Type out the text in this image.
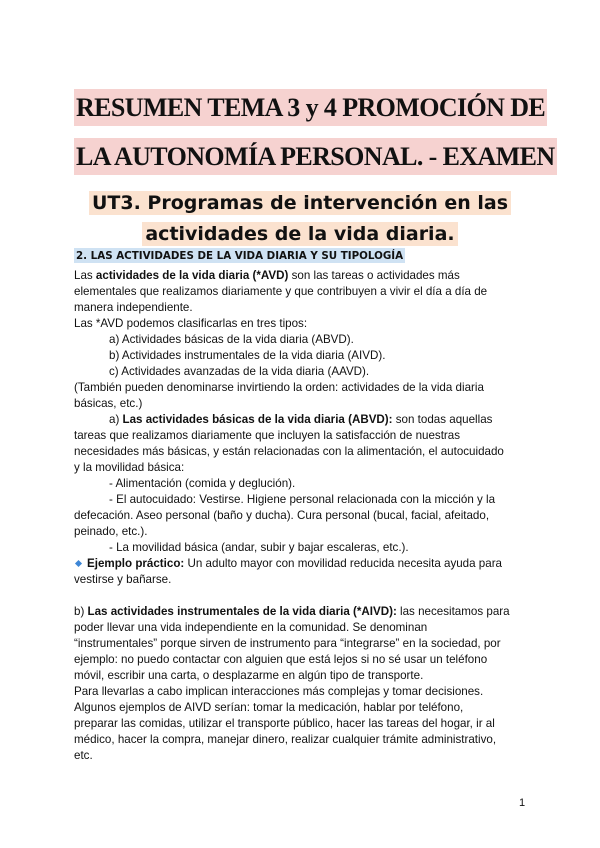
RESUMEN TEMA 3 y 4 PROMOCIÓN DE
LA AUTONOMÍA PERSONAL. - EXAMEN
UT3. Programas de intervención en las
actividades de la vida diaria.
2. LAS ACTIVIDADES DE LA VIDA DIARIA Y SU TIPOLOGÍA
Las actividades de la vida diaria (*AVD) son las tareas o actividades más
elementales que realizamos diariamente y que contribuyen a vivir el día a día de
manera independiente.
Las *AVD podemos clasificarlas en tres tipos:
a) Actividades básicas de la vida diaria (ABVD).
b) Actividades instrumentales de la vida diaria (AIVD).
c) Actividades avanzadas de la vida diaria (AAVD).
(También pueden denominarse invirtiendo la orden: actividades de la vida diaria
básicas, etc.)
a) Las actividades básicas de la vida diaria (ABVD): son todas aquellas
tareas que realizamos diariamente que incluyen la satisfacción de nuestras
necesidades más básicas, y están relacionadas con la alimentación, el autocuidado
y la movilidad básica:
- Alimentación (comida y deglución).
- El autocuidado: Vestirse. Higiene personal relacionada con la micción y la
defecación. Aseo personal (baño y ducha). Cura personal (bucal, facial, afeitado,
peinado, etc.).
- La movilidad básica (andar, subir y bajar escaleras, etc.).
Ejemplo práctico: Un adulto mayor con movilidad reducida necesita ayuda para
vestirse y bañarse.
b) Las actividades instrumentales de la vida diaria (*AIVD): las necesitamos para
poder llevar una vida independiente en la comunidad. Se denominan
“instrumentales” porque sirven de instrumento para “integrarse” en la sociedad, por
ejemplo: no puedo contactar con alguien que está lejos si no sé usar un teléfono
móvil, escribir una carta, o desplazarme en algún tipo de transporte.
Para llevarlas a cabo implican interacciones más complejas y tomar decisiones.
Algunos ejemplos de AIVD serían: tomar la medicación, hablar por teléfono,
preparar las comidas, utilizar el transporte público, hacer las tareas del hogar, ir al
médico, hacer la compra, manejar dinero, realizar cualquier trámite administrativo,
etc.
1
